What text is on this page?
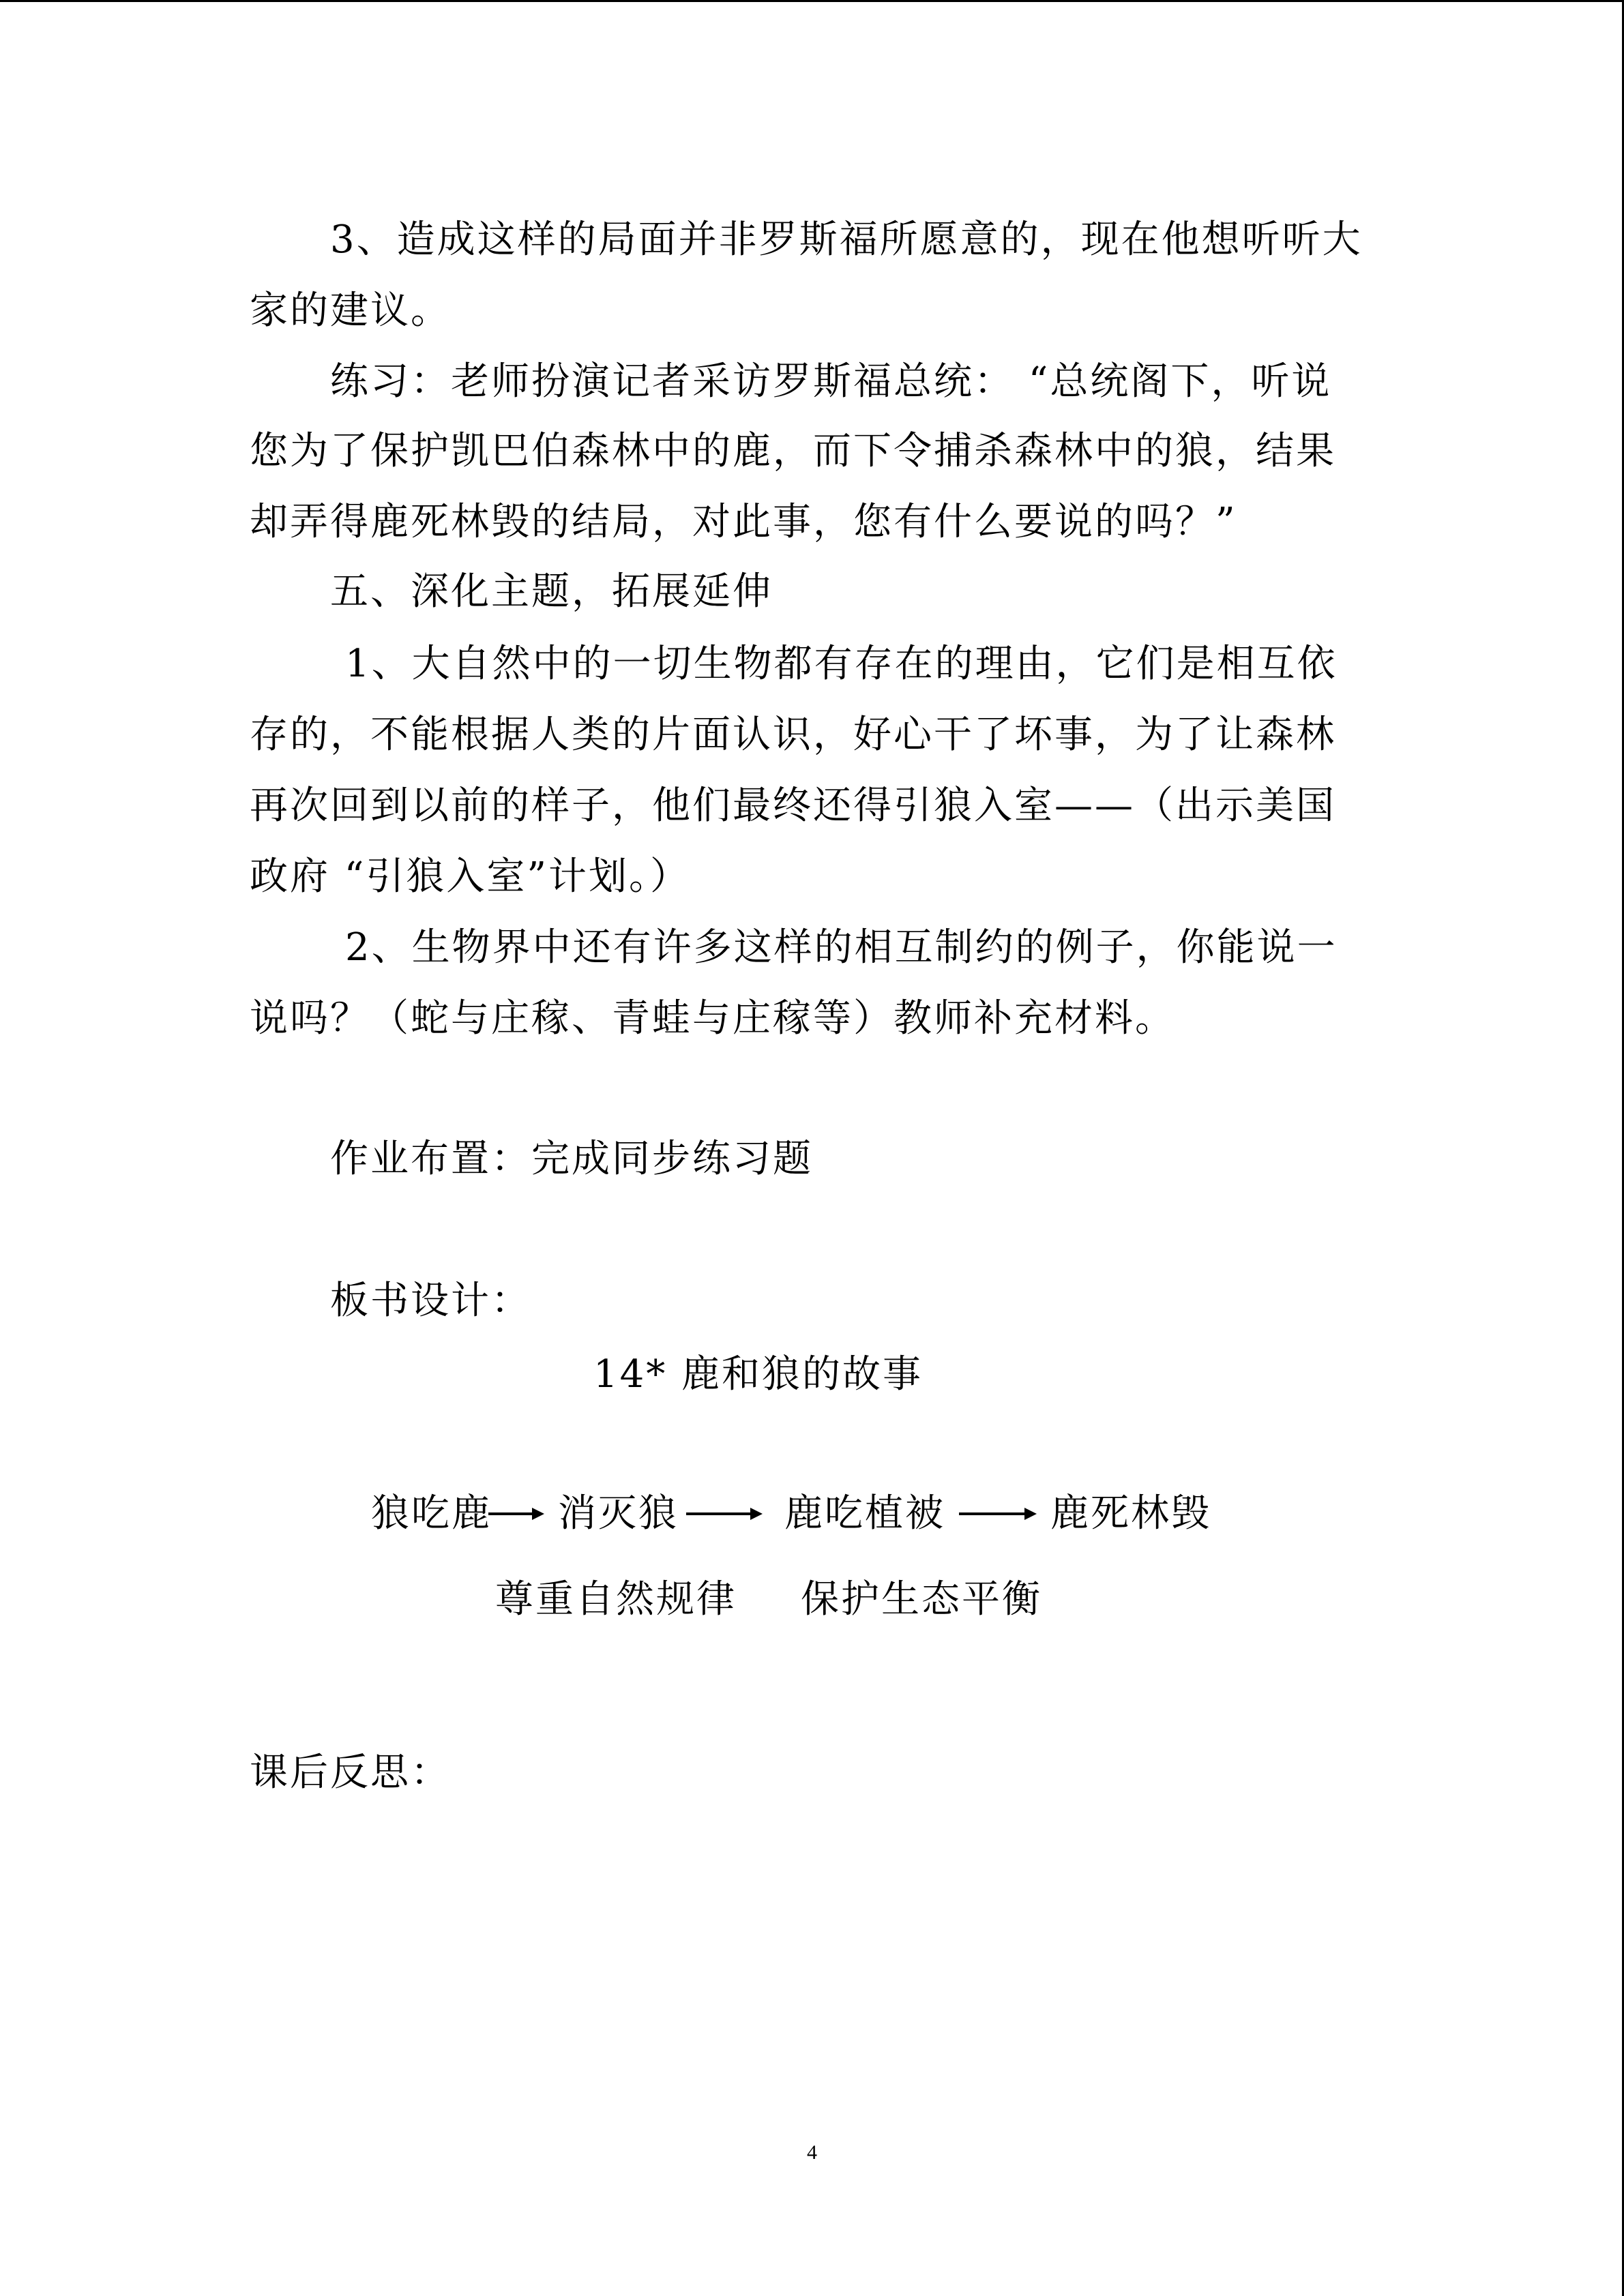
3、造成这样的局面并非罗斯福所愿意的，现在他想听听大

家的建议。

练习：老师扮演记者采访罗斯福总统： “总统阁下，听说

您为了保护凯巴伯森林中的鹿，而下令捕杀森林中的狼，结果

却弄得鹿死林毁的结局，对此事，您有什么要说的吗？”

五、深化主题，拓展延伸

1、大自然中的一切生物都有存在的理由，它们是相互依

存的，不能根据人类的片面认识，好心干了坏事，为了让森林

再次回到以前的样子，他们最终还得引狼入室——（出示美国

政府 “引狼入室”计划。）

2、生物界中还有许多这样的相互制约的例子，你能说一

说吗？（蛇与庄稼、青蛙与庄稼等）教师补充材料。

作业布置：完成同步练习题

板书设计：

14* 鹿和狼的故事

狼吃鹿 消灭狼	鹿吃植被	鹿死林毁

尊重自然规律 保护生态平衡

课后反思：

4
